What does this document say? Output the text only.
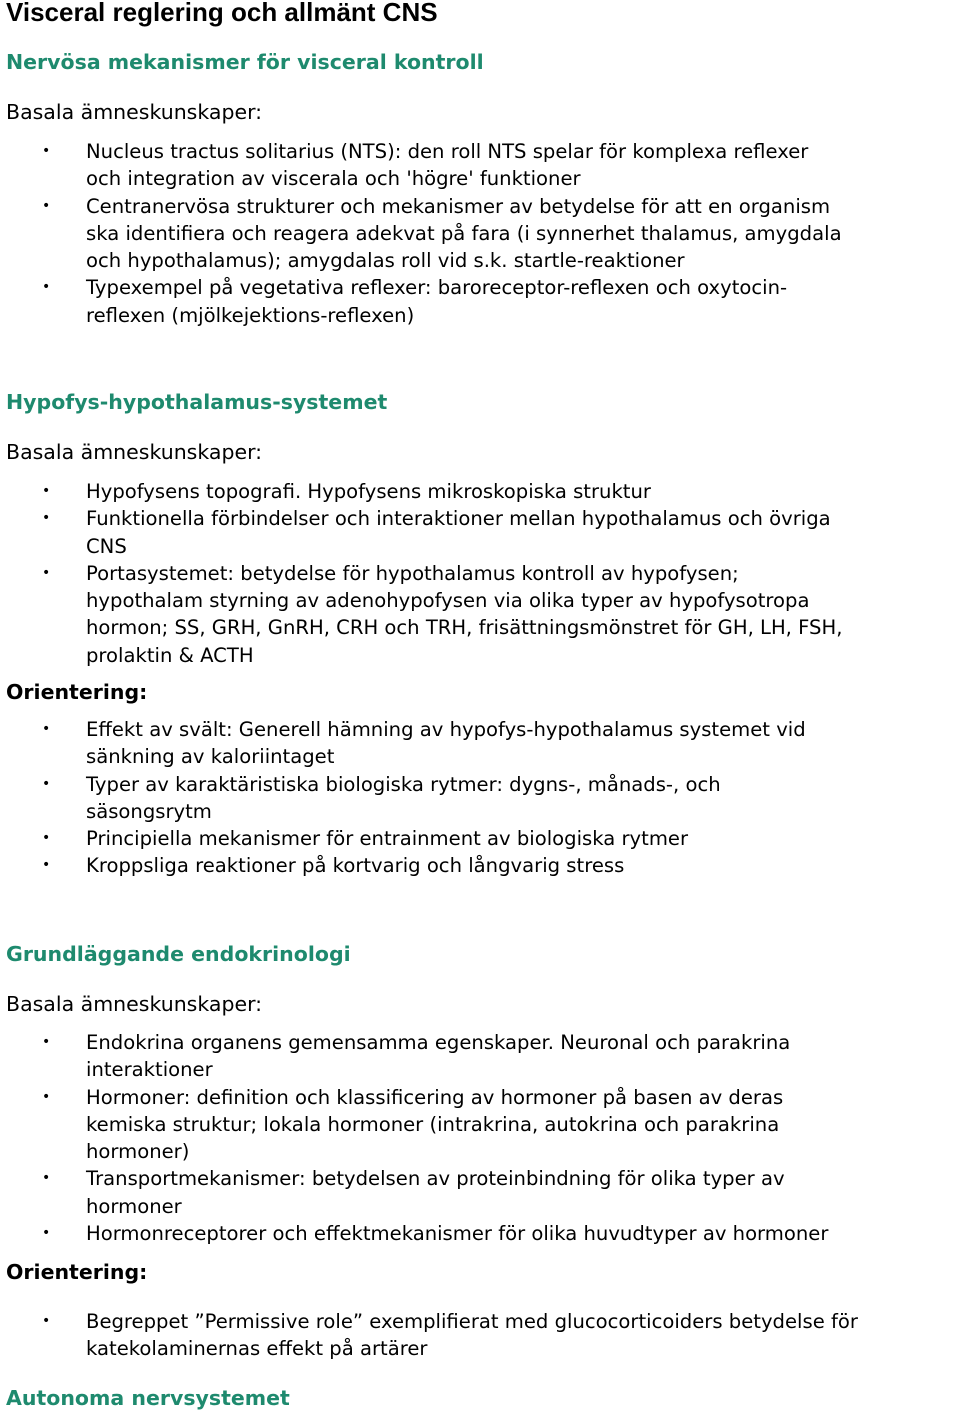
Visceral reglering och allmänt CNS
Nervösa mekanismer för visceral kontroll
Basala ämneskunskaper:
• Nucleus tractus solitarius (NTS): den roll NTS spelar för komplexa reflexer
och integration av viscerala och 'högre' funktioner
• Centranervösa strukturer och mekanismer av betydelse för att en organism
ska identifiera och reagera adekvat på fara (i synnerhet thalamus, amygdala
och hypothalamus); amygdalas roll vid s.k. startle-reaktioner
• Typexempel på vegetativa reflexer: baroreceptor-reflexen och oxytocin-
reflexen (mjölkejektions-reflexen)
Hypofys-hypothalamus-systemet
Basala ämneskunskaper:
• Hypofysens topografi. Hypofysens mikroskopiska struktur
• Funktionella förbindelser och interaktioner mellan hypothalamus och övriga
CNS
• Portasystemet: betydelse för hypothalamus kontroll av hypofysen;
hypothalam styrning av adenohypofysen via olika typer av hypofysotropa
hormon; SS, GRH, GnRH, CRH och TRH, frisättningsmönstret för GH, LH, FSH,
prolaktin & ACTH
Orientering:
• Effekt av svält: Generell hämning av hypofys-hypothalamus systemet vid
sänkning av kaloriintaget
• Typer av karaktäristiska biologiska rytmer: dygns-, månads-, och
säsongsrytm
• Principiella mekanismer för entrainment av biologiska rytmer
• Kroppsliga reaktioner på kortvarig och långvarig stress
Grundläggande endokrinologi
Basala ämneskunskaper:
• Endokrina organens gemensamma egenskaper. Neuronal och parakrina
interaktioner
• Hormoner: definition och klassificering av hormoner på basen av deras
kemiska struktur; lokala hormoner (intrakrina, autokrina och parakrina
hormoner)
• Transportmekanismer: betydelsen av proteinbindning för olika typer av
hormoner
• Hormonreceptorer och effektmekanismer för olika huvudtyper av hormoner
Orientering:
• Begreppet ”Permissive role” exemplifierat med glucocorticoiders betydelse för
katekolaminernas effekt på artärer
Autonoma nervsystemet
